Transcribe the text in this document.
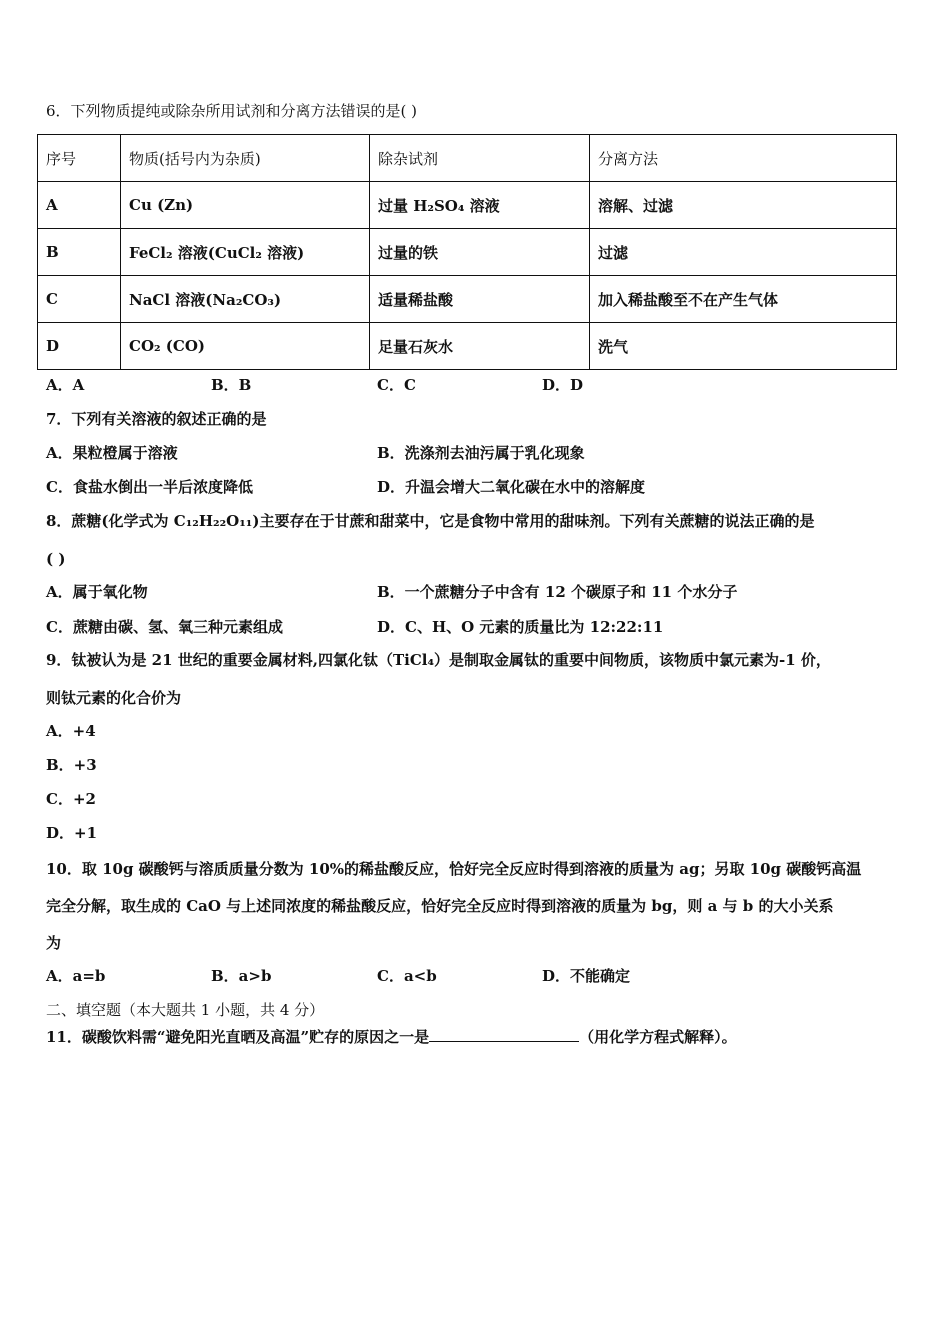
6．下列物质提纯或除杂所用试剂和分离方法错误的是( )
序号	物质(括号内为杂质)	除杂试剂	分离方法
A	Cu (Zn)	过量 H₂SO₄ 溶液	溶解、过滤
B	FeCl₂ 溶液(CuCl₂ 溶液)	过量的铁	过滤
C	NaCl 溶液(Na₂CO₃)	适量稀盐酸	加入稀盐酸至不在产生气体
D	CO₂ (CO)	足量石灰水	洗气
A．A	B．B	C．C	D．D
7．下列有关溶液的叙述正确的是
A．果粒橙属于溶液	B．洗涤剂去油污属于乳化现象
C．食盐水倒出一半后浓度降低	D．升温会增大二氧化碳在水中的溶解度
8．蔗糖(化学式为 C₁₂H₂₂O₁₁)主要存在于甘蔗和甜菜中，它是食物中常用的甜味剂。下列有关蔗糖的说法正确的是
( )
A．属于氧化物	B．一个蔗糖分子中含有 12 个碳原子和 11 个水分子
C．蔗糖由碳、氢、氧三种元素组成	D．C、H、O 元素的质量比为 12:22:11
9．钛被认为是 21 世纪的重要金属材料,四氯化钛（TiCl₄）是制取金属钛的重要中间物质，该物质中氯元素为-1 价，
则钛元素的化合价为
A．+4
B．+3
C．+2
D．+1
10．取 10g 碳酸钙与溶质质量分数为 10%的稀盐酸反应，恰好完全反应时得到溶液的质量为 ag；另取 10g 碳酸钙高温
完全分解，取生成的 CaO 与上述同浓度的稀盐酸反应，恰好完全反应时得到溶液的质量为 bg，则 a 与 b 的大小关系
为
A．a=b	B．a>b	C．a<b	D．不能确定
二、填空题（本大题共 1 小题，共 4 分）
11．碳酸饮料需“避免阳光直晒及高温”贮存的原因之一是	（用化学方程式解释）。
